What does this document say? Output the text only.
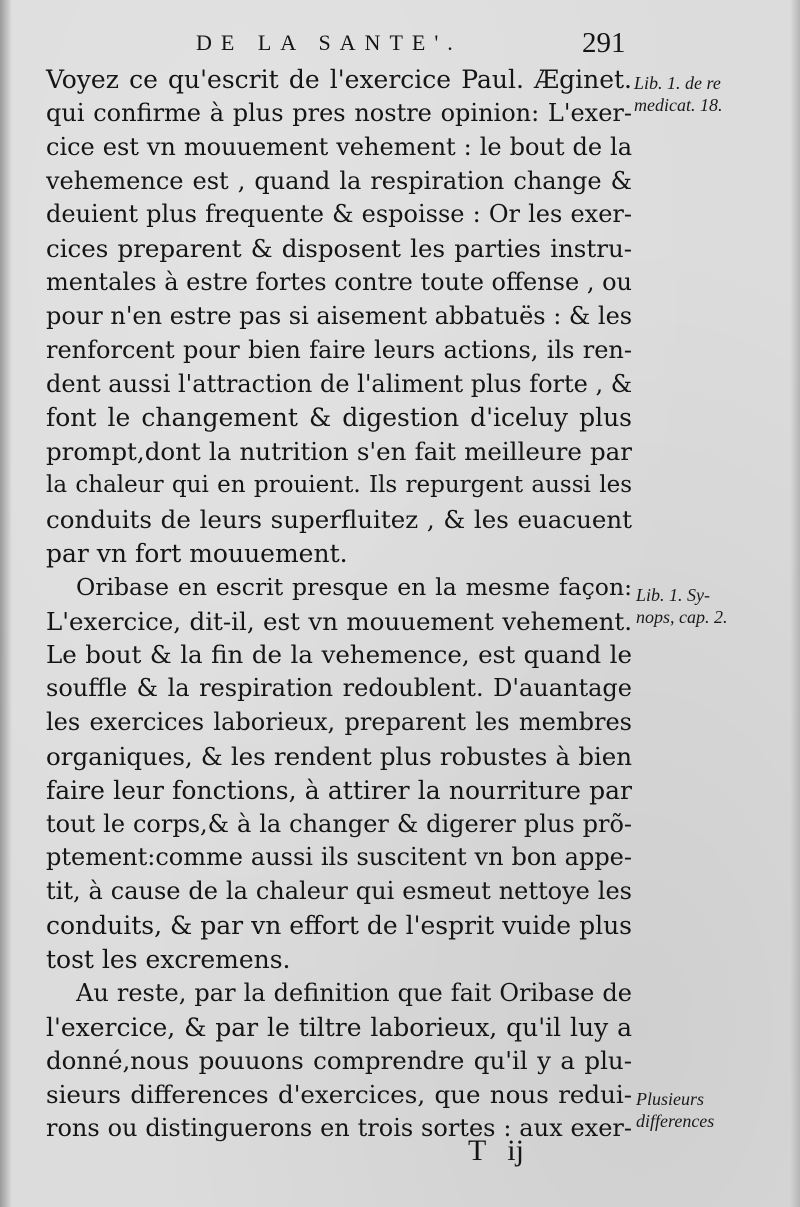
DE LA SANTE'.	291
Voyez ce qu'escrit de l'exercice Paul. Æginet.
qui confirme à plus pres nostre opinion: L'exer-
cice est vn mouuement vehement : le bout de la
vehemence est , quand la respiration change &
deuient plus frequente & espoisse : Or les exer-
cices preparent & disposent les parties instru-
mentales à estre fortes contre toute offense , ou
pour n'en estre pas si aisement abbatuës : & les
renforcent pour bien faire leurs actions, ils ren-
dent aussi l'attraction de l'aliment plus forte , &
font le changement & digestion d'iceluy plus
prompt,dont la nutrition s'en fait meilleure par
la chaleur qui en prouient. Ils repurgent aussi les
conduits de leurs superfluitez , & les euacuent
par vn fort mouuement.
Oribase en escrit presque en la mesme façon:
L'exercice, dit-il, est vn mouuement vehement.
Le bout & la fin de la vehemence, est quand le
souffle & la respiration redoublent. D'auantage
les exercices laborieux, preparent les membres
organiques, & les rendent plus robustes à bien
faire leur fonctions, à attirer la nourriture par
tout le corps,& à la changer & digerer plus prõ-
ptement:comme aussi ils suscitent vn bon appe-
tit, à cause de la chaleur qui esmeut nettoye les
conduits, & par vn effort de l'esprit vuide plus
tost les excremens.
Au reste, par la definition que fait Oribase de
l'exercice, & par le tiltre laborieux, qu'il luy a
donné,nous pouuons comprendre qu'il y a plu-
sieurs differences d'exercices, que nous redui-
rons ou distinguerons en trois sortes : aux exer-
Lib. 1. de re
medicat. 18.
Lib. 1. Sy-
nops, cap. 2.
Plusieurs
differences
T ij
